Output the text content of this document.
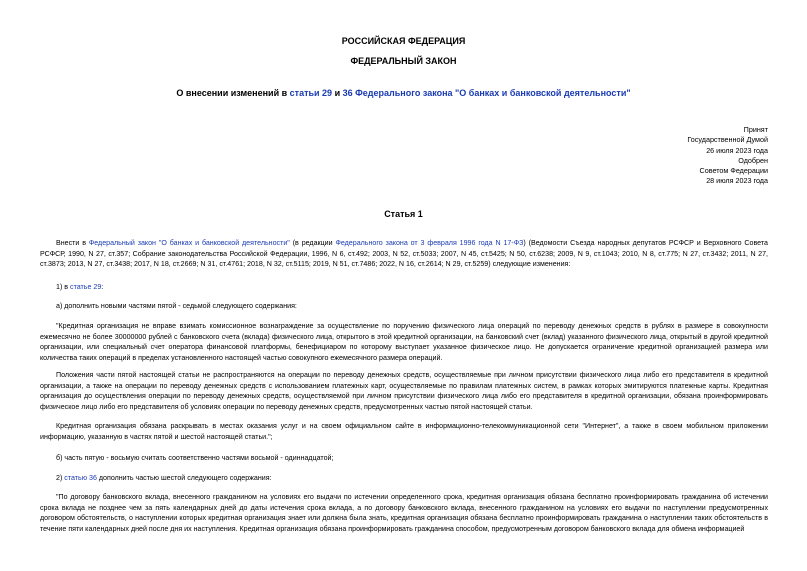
РОССИЙСКАЯ ФЕДЕРАЦИЯ
ФЕДЕРАЛЬНЫЙ ЗАКОН
О внесении изменений в статьи 29 и 36 Федерального закона "О банках и банковской деятельности"
Принят
Государственной Думой
26 июля 2023 года
Одобрен
Советом Федерации
28 июля 2023 года
Статья 1
Внести в Федеральный закон "О банках и банковской деятельности" (в редакции Федерального закона от 3 февраля 1996 года N 17-ФЗ) (Ведомости Съезда народных депутатов РСФСР и Верховного Совета РСФСР, 1990, N 27, ст.357; Собрание законодательства Российской Федерации, 1996, N 6, ст.492; 2003, N 52, ст.5033; 2007, N 45, ст.5425; N 50, ст.6238; 2009, N 9, ст.1043; 2010, N 8, ст.775; N 27, ст.3432; 2011, N 27, ст.3873; 2013, N 27, ст.3438; 2017, N 18, ст.2669; N 31, ст.4761; 2018, N 32, ст.5115; 2019, N 51, ст.7486; 2022, N 16, ст.2614; N 29, ст.5259) следующие изменения:
1) в статье 29:
а) дополнить новыми частями пятой - седьмой следующего содержания:
"Кредитная организация не вправе взимать комиссионное вознаграждение за осуществление по поручению физического лица операций по переводу денежных средств в рублях в размере в совокупности ежемесячно не более 30000000 рублей с банковского счета (вклада) физического лица, открытого в этой кредитной организации, на банковский счет (вклад) указанного физического лица, открытый в другой кредитной организации, или специальный счет оператора финансовой платформы, бенефициаром по которому выступает указанное физическое лицо. Не допускается ограничение кредитной организацией размера или количества таких операций в пределах установленного настоящей частью совокупного ежемесячного размера операций.
Положения части пятой настоящей статьи не распространяются на операции по переводу денежных средств, осуществляемые при личном присутствии физического лица либо его представителя в кредитной организации, а также на операции по переводу денежных средств с использованием платежных карт, осуществляемые по правилам платежных систем, в рамках которых эмитируются платежные карты. Кредитная организация до осуществления операции по переводу денежных средств, осуществляемой при личном присутствии физического лица либо его представителя в кредитной организации, обязана проинформировать физическое лицо либо его представителя об условиях операции по переводу денежных средств, предусмотренных частью пятой настоящей статьи.
Кредитная организация обязана раскрывать в местах оказания услуг и на своем официальном сайте в информационно-телекоммуникационной сети "Интернет", а также в своем мобильном приложении информацию, указанную в частях пятой и шестой настоящей статьи.";
б) часть пятую - восьмую считать соответственно частями восьмой - одиннадцатой;
2) статью 36 дополнить частью шестой следующего содержания:
"По договору банковского вклада, внесенного гражданином на условиях его выдачи по истечении определенного срока, кредитная организация обязана бесплатно проинформировать гражданина об истечении срока вклада не позднее чем за пять календарных дней до даты истечения срока вклада, а по договору банковского вклада, внесенного гражданином на условиях его выдачи по наступлении предусмотренных договором обстоятельств, о наступлении которых кредитная организация знает или должна была знать, кредитная организация обязана бесплатно проинформировать гражданина о наступлении таких обстоятельств в течение пяти календарных дней после дня их наступления. Кредитная организация обязана проинформировать гражданина способом, предусмотренным договором банковского вклада для обмена информацией
